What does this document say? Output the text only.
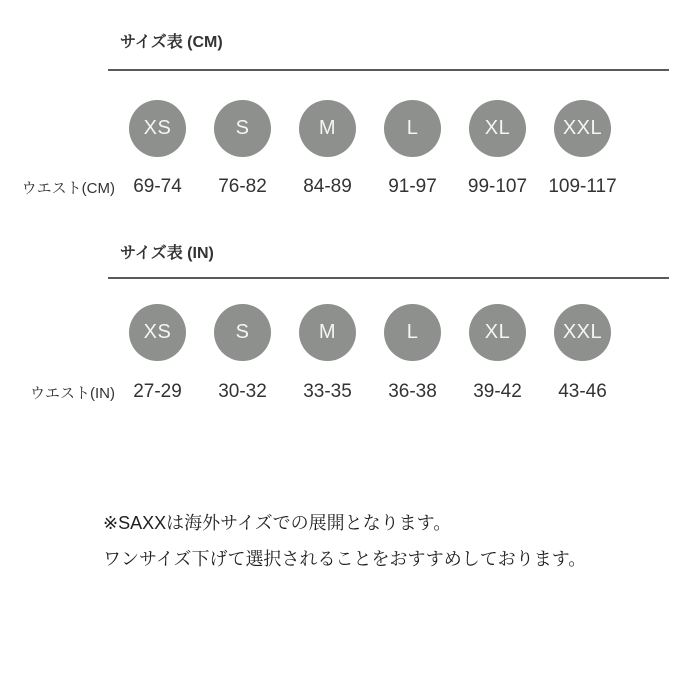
サイズ表 (CM)
XS	S	M	L	XL	XXL
ウエスト(CM) 69-74	76-82	84-89	91-97	99-107	109-117
サイズ表 (IN)
XS	S	M	L	XL	XXL
ウエスト(IN) 27-29	30-32	33-35	36-38	39-42	43-46
※SAXXは海外サイズでの展開となります。
ワンサイズ下げて選択されることをおすすめしております。
